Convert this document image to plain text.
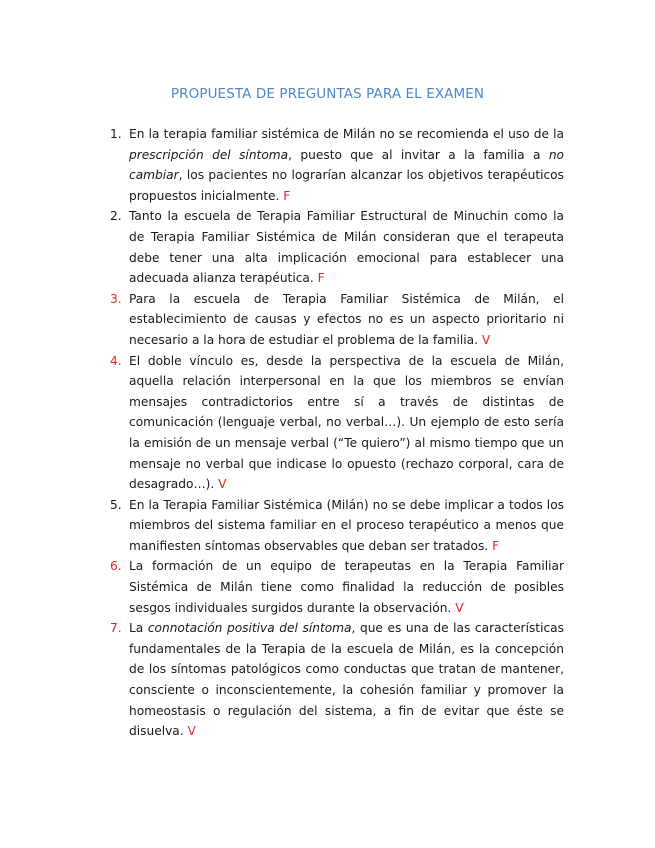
PROPUESTA DE PREGUNTAS PARA EL EXAMEN
1. En la terapia familiar sistémica de Milán no se recomienda el uso de la prescripción del síntoma, puesto que al invitar a la familia a no cambiar, los pacientes no lograrían alcanzar los objetivos terapéuticos propuestos inicialmente. F
2. Tanto la escuela de Terapia Familiar Estructural de Minuchin como la de Terapia Familiar Sistémica de Milán consideran que el terapeuta debe tener una alta implicación emocional para establecer una adecuada alianza terapéutica. F
3. Para la escuela de Terapia Familiar Sistémica de Milán, el establecimiento de causas y efectos no es un aspecto prioritario ni necesario a la hora de estudiar el problema de la familia. V
4. El doble vínculo es, desde la perspectiva de la escuela de Milán, aquella relación interpersonal en la que los miembros se envían mensajes contradictorios entre sí a través de distintas de comunicación (lenguaje verbal, no verbal…). Un ejemplo de esto sería la emisión de un mensaje verbal (“Te quiero”) al mismo tiempo que un mensaje no verbal que indicase lo opuesto (rechazo corporal, cara de desagrado…). V
5. En la Terapia Familiar Sistémica (Milán) no se debe implicar a todos los miembros del sistema familiar en el proceso terapéutico a menos que manifiesten síntomas observables que deban ser tratados. F
6. La formación de un equipo de terapeutas en la Terapia Familiar Sistémica de Milán tiene como finalidad la reducción de posibles sesgos individuales surgidos durante la observación. V
7. La connotación positiva del síntoma, que es una de las características fundamentales de la Terapia de la escuela de Milán, es la concepción de los síntomas patológicos como conductas que tratan de mantener, consciente o inconscientemente, la cohesión familiar y promover la homeostasis o regulación del sistema, a fin de evitar que éste se disuelva. V
